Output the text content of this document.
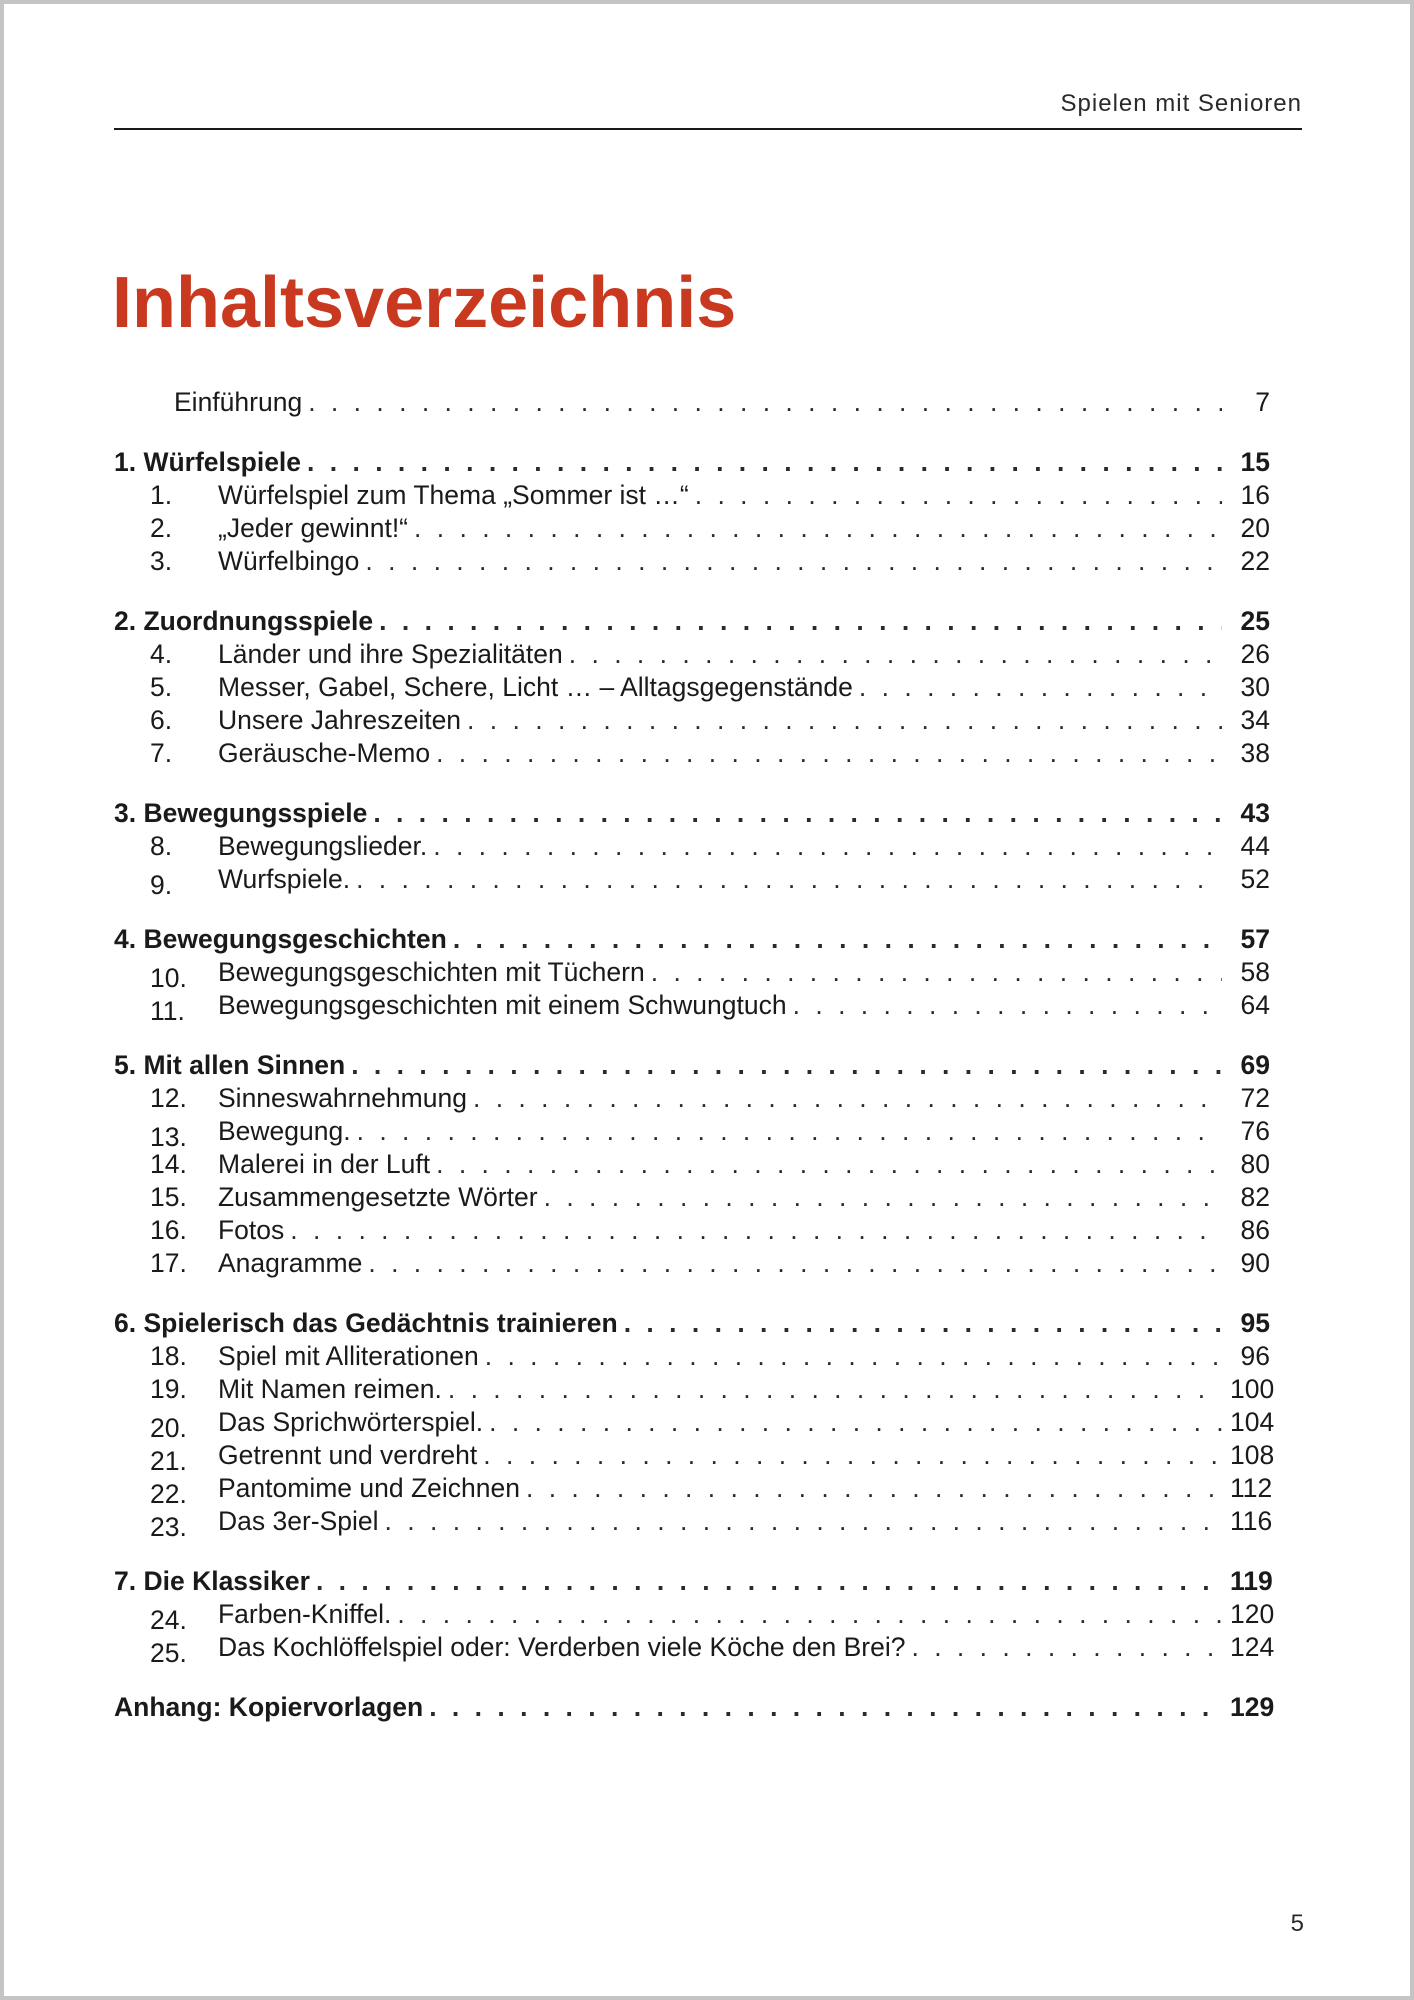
Spielen mit Senioren
Inhaltsverzeichnis
Einführung . . .	7
1. Würfelspiele . . .	15
1.	Würfelspiel zum Thema „Sommer ist …“ . . .	16
2.	„Jeder gewinnt!“ . . .	20
3.	Würfelbingo . . .	22
2. Zuordnungsspiele . . .	25
4.	Länder und ihre Spezialitäten . . .	26
5.	Messer, Gabel, Schere, Licht … – Alltagsgegenstände . . .	30
6.	Unsere Jahreszeiten . . .	34
7.	Geräusche-Memo . . .	38
3. Bewegungsspiele . . .	43
8.	Bewegungslieder. . . .	44
9.	Wurfspiele. . . .	52
4. Bewegungsgeschichten . . .	57
10.	Bewegungsgeschichten mit Tüchern . . .	58
11.	Bewegungsgeschichten mit einem Schwungtuch . . .	64
5. Mit allen Sinnen . . .	69
12.	Sinneswahrnehmung . . .	72
13.	Bewegung. . . .	76
14.	Malerei in der Luft . . .	80
15.	Zusammengesetzte Wörter . . .	82
16.	Fotos . . .	86
17.	Anagramme . . .	90
6. Spielerisch das Gedächtnis trainieren . . .	95
18.	Spiel mit Alliterationen . . .	96
19.	Mit Namen reimen. . . .	100
20.	Das Sprichwörterspiel. . . .	104
21.	Getrennt und verdreht . . .	108
22.	Pantomime und Zeichnen . . .	112
23.	Das 3er-Spiel . . .	116
7. Die Klassiker . . .	119
24.	Farben-Kniffel. . . .	120
25.	Das Kochlöffelspiel oder: Verderben viele Köche den Brei? . . .	124
Anhang: Kopiervorlagen . . .	129
5
